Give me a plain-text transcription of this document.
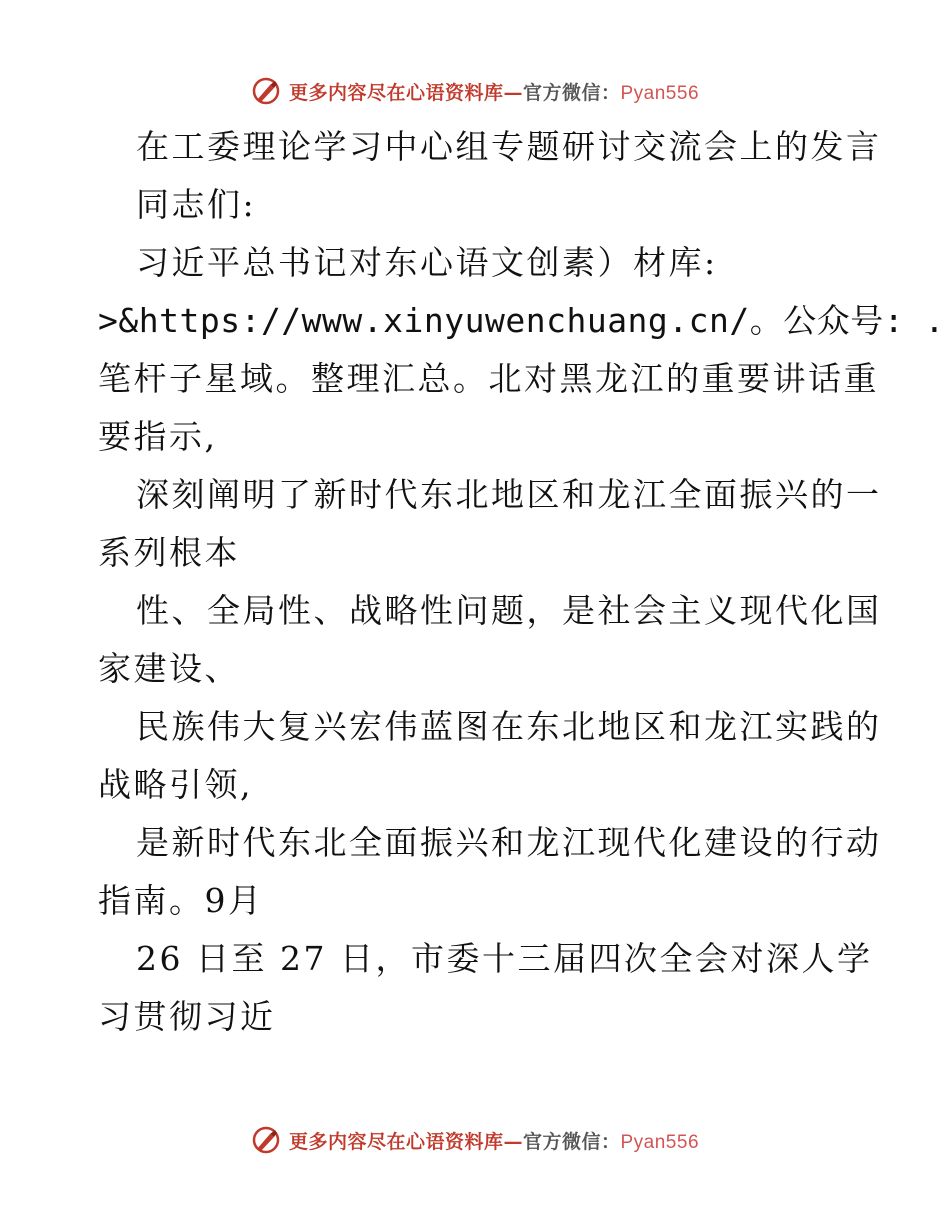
更多内容尽在心语资料库—官方微信：Pyan556
在工委理论学习中心组专题研讨交流会上的发言
同志们:
习近平总书记对东心语文创素）材库:
>&https://www.xinyuwenchuang.cn/。公众号: .
笔杆子星域。整理汇总。北对黑龙江的重要讲话重
要指示,
深刻阐明了新时代东北地区和龙江全面振兴的一
系列根本
性、全局性、战略性问题，是社会主义现代化国
家建设、
民族伟大复兴宏伟蓝图在东北地区和龙江实践的
战略引领,
是新时代东北全面振兴和龙江现代化建设的行动
指南。9月
26 日至 27 日，市委十三届四次全会对深人学
习贯彻习近
更多内容尽在心语资料库—官方微信：Pyan556
